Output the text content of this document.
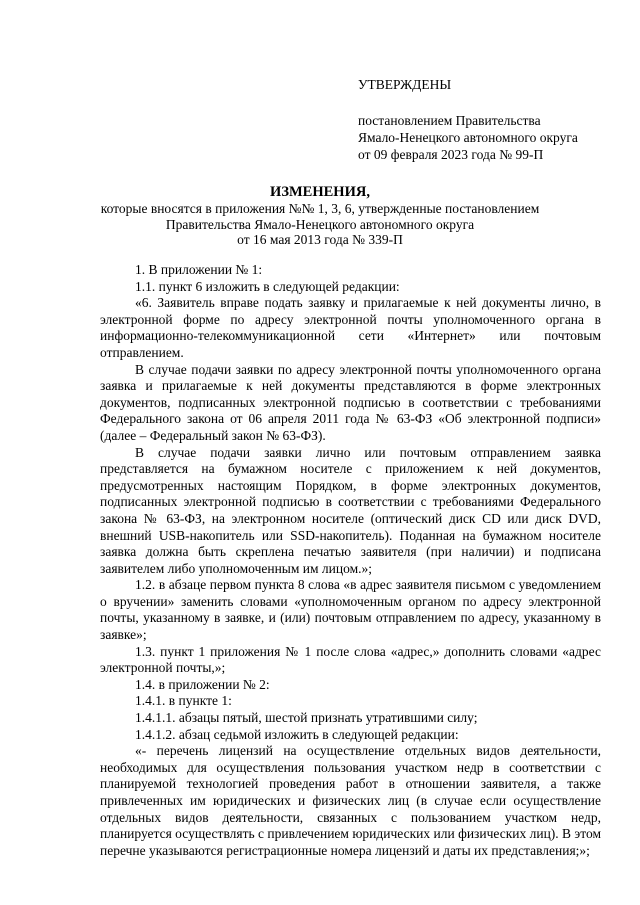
УТВЕРЖДЕНЫ
постановлением Правительства
Ямало-Ненецкого автономного округа
от 09 февраля 2023 года № 99-П
ИЗМЕНЕНИЯ,
которые вносятся в приложения №№ 1, 3, 6, утвержденные постановлением
Правительства Ямало-Ненецкого автономного округа
от 16 мая 2013 года № 339-П

1. В приложении № 1:

1.1. пункт 6 изложить в следующей редакции:

«6. Заявитель вправе подать заявку и прилагаемые к ней документы лично, в электронной форме по адресу электронной почты уполномоченного органа в информационно-телекоммуникационной сети «Интернет» или почтовым отправлением.

В случае подачи заявки по адресу электронной почты уполномоченного органа заявка и прилагаемые к ней документы представляются в форме электронных документов, подписанных электронной подписью в соответствии с требованиями Федерального закона от 06 апреля 2011 года № 63-ФЗ «Об электронной подписи» (далее – Федеральный закон № 63-ФЗ).

В случае подачи заявки лично или почтовым отправлением заявка представляется на бумажном носителе с приложением к ней документов, предусмотренных настоящим Порядком, в форме электронных документов, подписанных электронной подписью в соответствии с требованиями Федерального закона № 63-ФЗ, на электронном носителе (оптический диск CD или диск DVD, внешний USB-накопитель или SSD-накопитель). Поданная на бумажном носителе заявка должна быть скреплена печатью заявителя (при наличии) и подписана заявителем либо уполномоченным им лицом.»;

1.2. в абзаце первом пункта 8 слова «в адрес заявителя письмом с уведомлением о вручении» заменить словами «уполномоченным органом по адресу электронной почты, указанному в заявке, и (или) почтовым отправлением по адресу, указанному в заявке»;

1.3. пункт 1 приложения № 1 после слова «адрес,» дополнить словами «адрес электронной почты,»;

1.4. в приложении № 2:

1.4.1. в пункте 1:

1.4.1.1. абзацы пятый, шестой признать утратившими силу;

1.4.1.2. абзац седьмой изложить в следующей редакции:

«- перечень лицензий на осуществление отдельных видов деятельности, необходимых для осуществления пользования участком недр в соответствии с планируемой технологией проведения работ в отношении заявителя, а также привлеченных им юридических и физических лиц (в случае если осуществление отдельных видов деятельности, связанных с пользованием участком недр, планируется осуществлять с привлечением юридических или физических лиц). В этом перечне указываются регистрационные номера лицензий и даты их представления;»;
